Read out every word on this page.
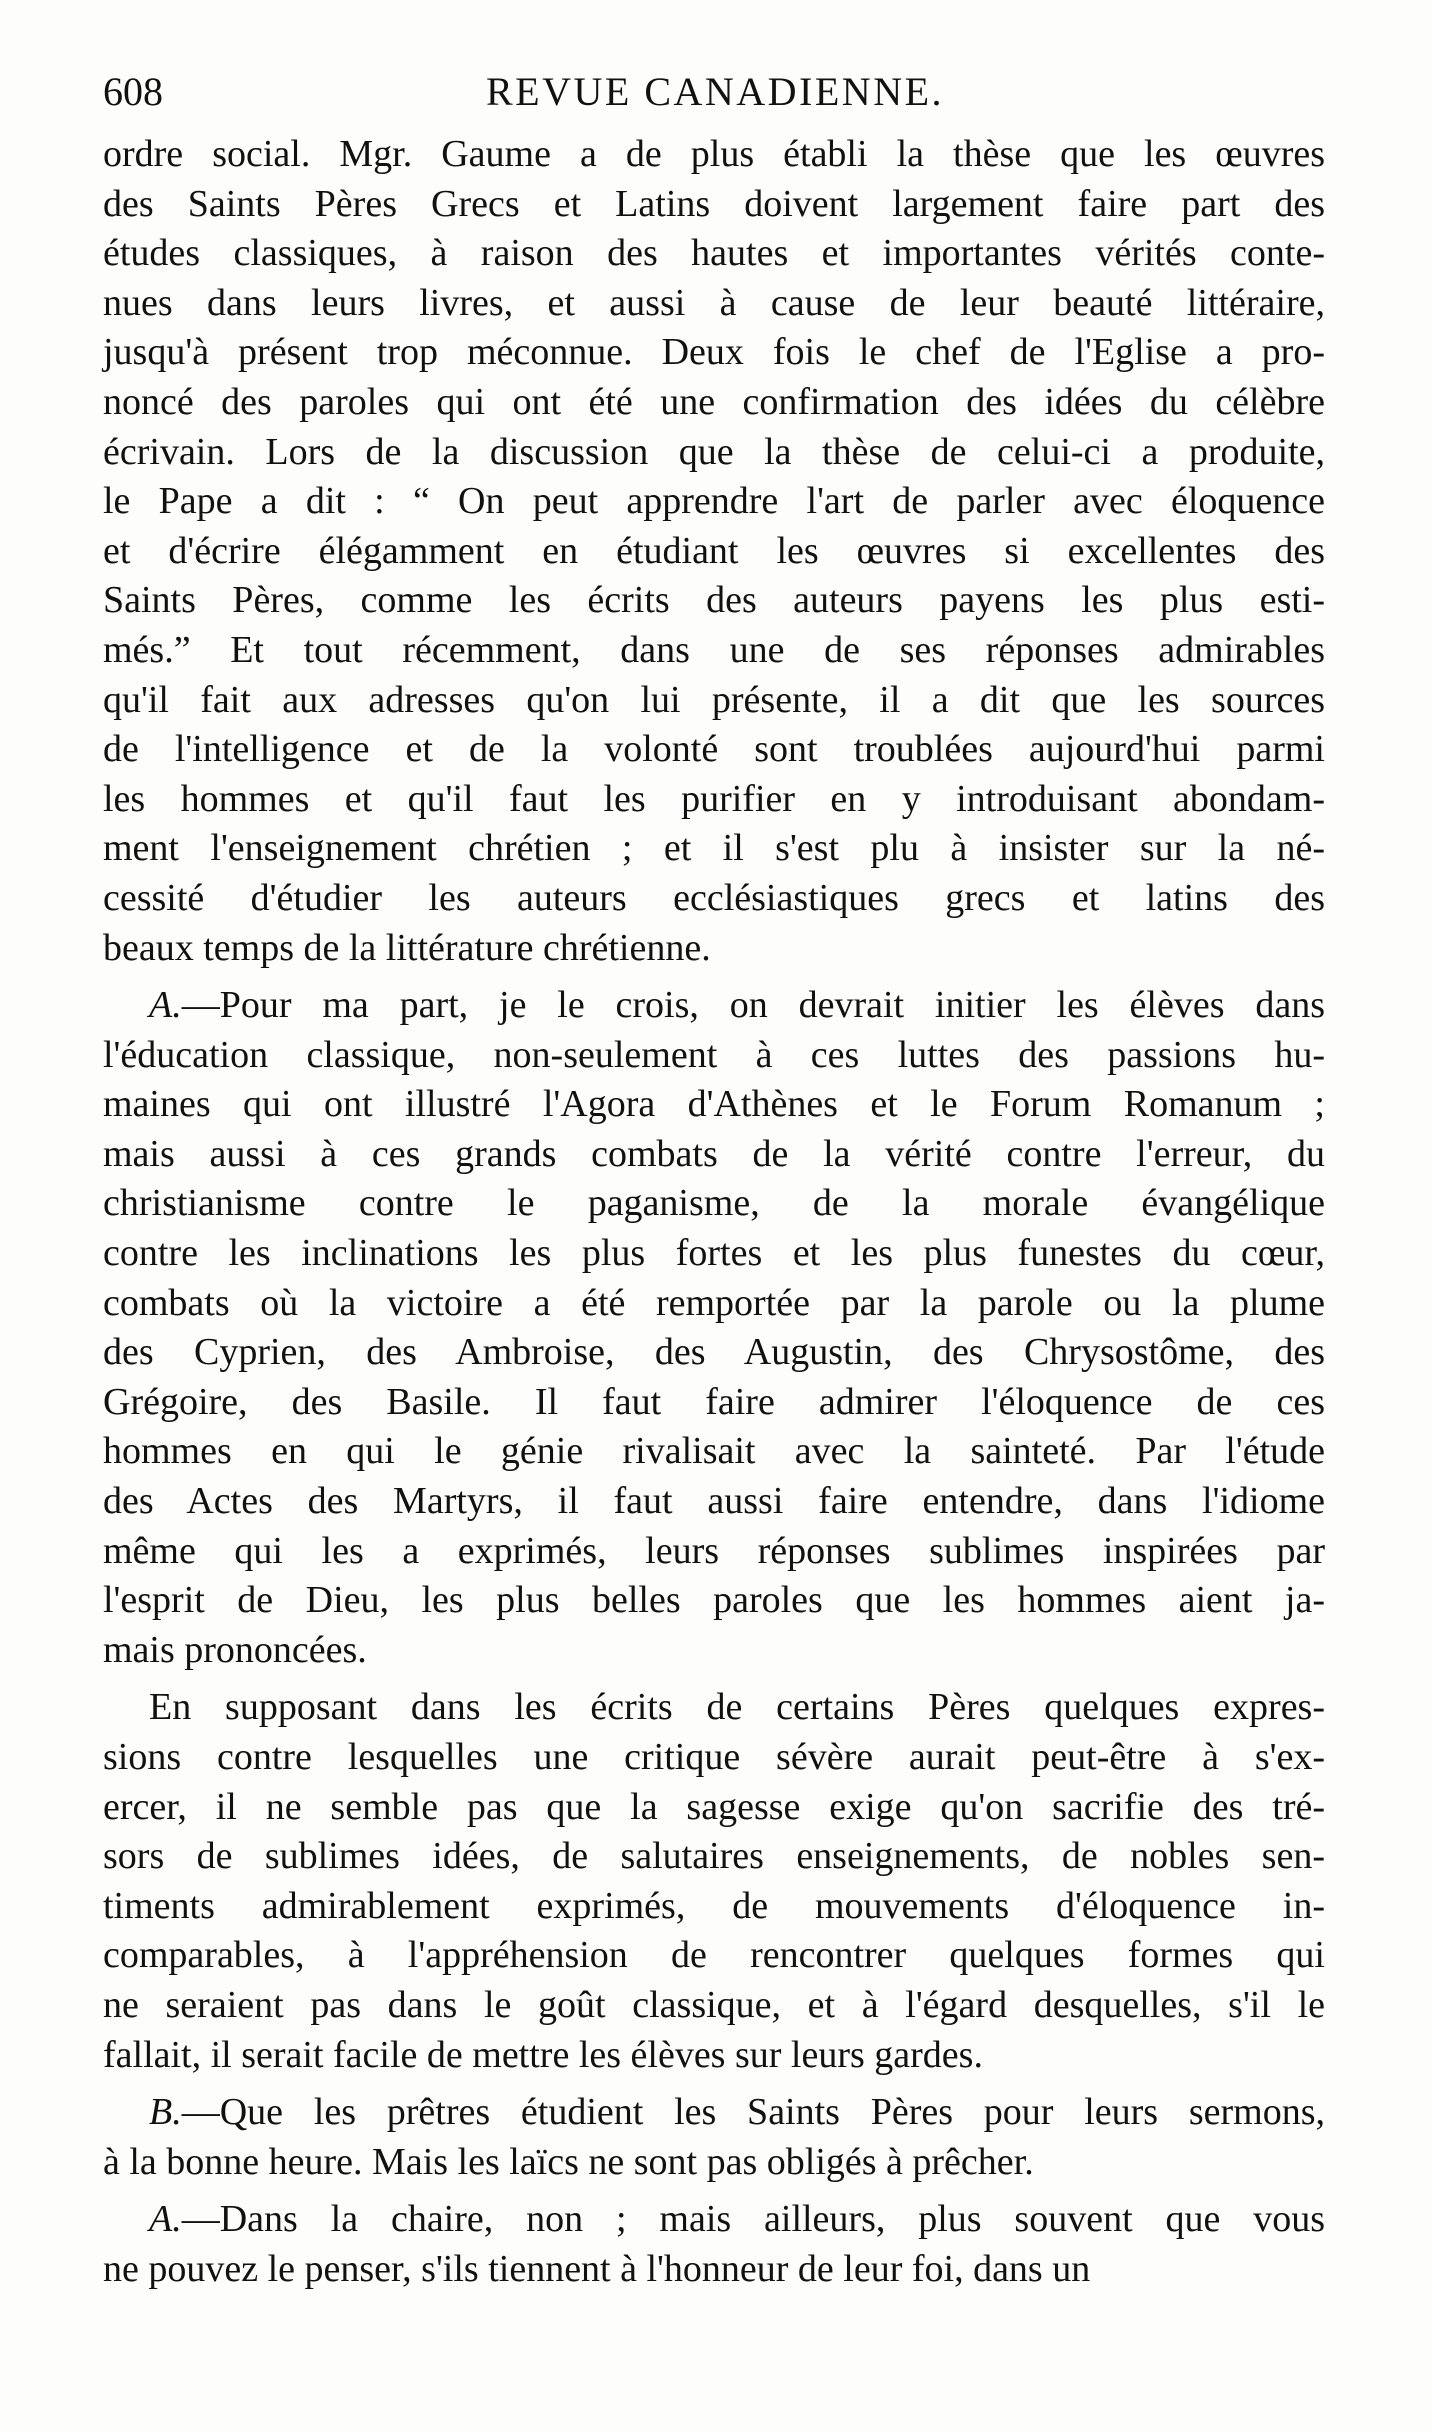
608	REVUE CANADIENNE.
ordre social. Mgr. Gaume a de plus établi la thèse que les œuvres
des Saints Pères Grecs et Latins doivent largement faire part des
études classiques, à raison des hautes et importantes vérités conte-
nues dans leurs livres, et aussi à cause de leur beauté littéraire,
jusqu'à présent trop méconnue. Deux fois le chef de l'Eglise a pro-
noncé des paroles qui ont été une confirmation des idées du célèbre
écrivain. Lors de la discussion que la thèse de celui-ci a produite,
le Pape a dit : “ On peut apprendre l'art de parler avec éloquence
et d'écrire élégamment en étudiant les œuvres si excellentes des
Saints Pères, comme les écrits des auteurs payens les plus esti-
més.” Et tout récemment, dans une de ses réponses admirables
qu'il fait aux adresses qu'on lui présente, il a dit que les sources
de l'intelligence et de la volonté sont troublées aujourd'hui parmi
les hommes et qu'il faut les purifier en y introduisant abondam-
ment l'enseignement chrétien ; et il s'est plu à insister sur la né-
cessité d'étudier les auteurs ecclésiastiques grecs et latins des
beaux temps de la littérature chrétienne.
A.—Pour ma part, je le crois, on devrait initier les élèves dans
l'éducation classique, non-seulement à ces luttes des passions hu-
maines qui ont illustré l'Agora d'Athènes et le Forum Romanum ;
mais aussi à ces grands combats de la vérité contre l'erreur, du
christianisme contre le paganisme, de la morale évangélique
contre les inclinations les plus fortes et les plus funestes du cœur,
combats où la victoire a été remportée par la parole ou la plume
des Cyprien, des Ambroise, des Augustin, des Chrysostôme, des
Grégoire, des Basile. Il faut faire admirer l'éloquence de ces
hommes en qui le génie rivalisait avec la sainteté. Par l'étude
des Actes des Martyrs, il faut aussi faire entendre, dans l'idiome
même qui les a exprimés, leurs réponses sublimes inspirées par
l'esprit de Dieu, les plus belles paroles que les hommes aient ja-
mais prononcées.
En supposant dans les écrits de certains Pères quelques expres-
sions contre lesquelles une critique sévère aurait peut-être à s'ex-
ercer, il ne semble pas que la sagesse exige qu'on sacrifie des tré-
sors de sublimes idées, de salutaires enseignements, de nobles sen-
timents admirablement exprimés, de mouvements d'éloquence in-
comparables, à l'appréhension de rencontrer quelques formes qui
ne seraient pas dans le goût classique, et à l'égard desquelles, s'il le
fallait, il serait facile de mettre les élèves sur leurs gardes.
B.—Que les prêtres étudient les Saints Pères pour leurs sermons,
à la bonne heure. Mais les laïcs ne sont pas obligés à prêcher.
A.—Dans la chaire, non ; mais ailleurs, plus souvent que vous
ne pouvez le penser, s'ils tiennent à l'honneur de leur foi, dans un
